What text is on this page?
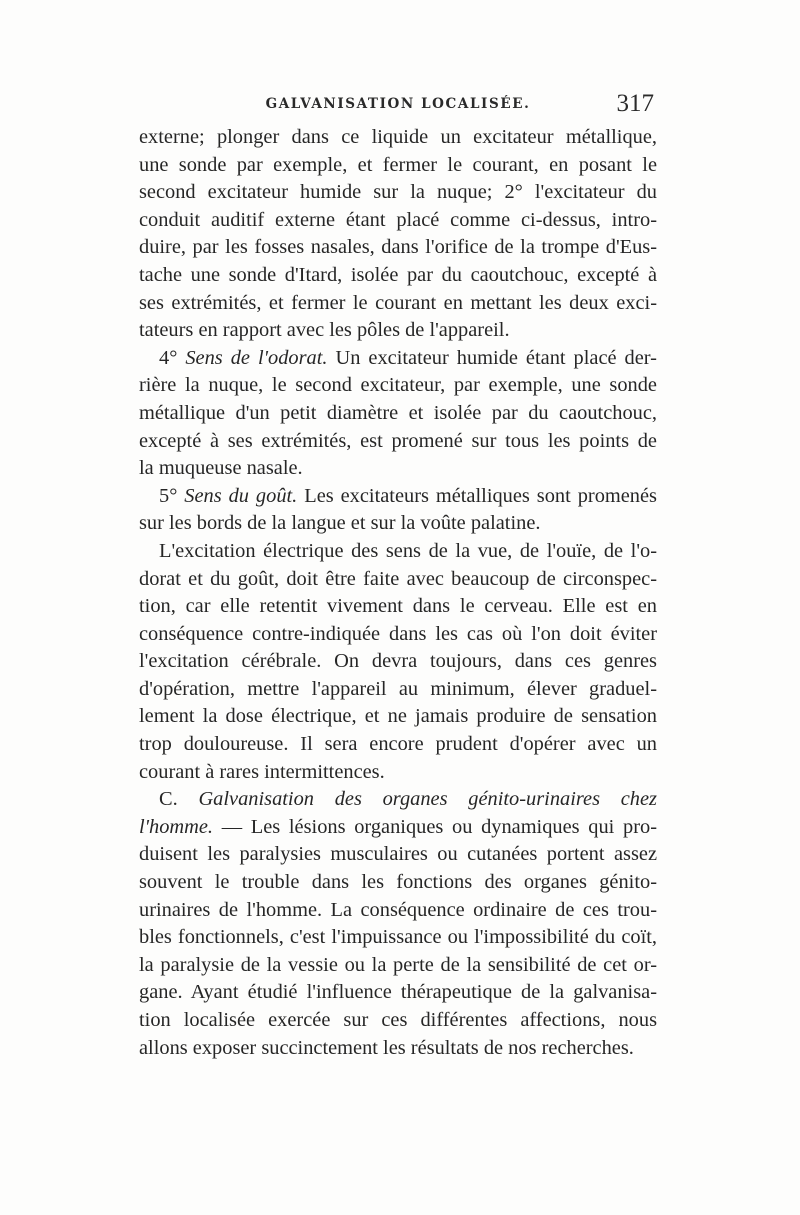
GALVANISATION LOCALISÉE.	317
externe; plonger dans ce liquide un excitateur métallique,
une sonde par exemple, et fermer le courant, en posant le
second excitateur humide sur la nuque; 2° l'excitateur du
conduit auditif externe étant placé comme ci-dessus, intro-
duire, par les fosses nasales, dans l'orifice de la trompe d'Eus-
tache une sonde d'Itard, isolée par du caoutchouc, excepté à
ses extrémités, et fermer le courant en mettant les deux exci-
tateurs en rapport avec les pôles de l'appareil.
4° Sens de l'odorat. Un excitateur humide étant placé der-
rière la nuque, le second excitateur, par exemple, une sonde
métallique d'un petit diamètre et isolée par du caoutchouc,
excepté à ses extrémités, est promené sur tous les points de
la muqueuse nasale.
5° Sens du goût. Les excitateurs métalliques sont promenés
sur les bords de la langue et sur la voûte palatine.
L'excitation électrique des sens de la vue, de l'ouïe, de l'o-
dorat et du goût, doit être faite avec beaucoup de circonspec-
tion, car elle retentit vivement dans le cerveau. Elle est en
conséquence contre-indiquée dans les cas où l'on doit éviter
l'excitation cérébrale. On devra toujours, dans ces genres
d'opération, mettre l'appareil au minimum, élever graduel-
lement la dose électrique, et ne jamais produire de sensation
trop douloureuse. Il sera encore prudent d'opérer avec un
courant à rares intermittences.
C. Galvanisation des organes génito-urinaires chez
l'homme. — Les lésions organiques ou dynamiques qui pro-
duisent les paralysies musculaires ou cutanées portent assez
souvent le trouble dans les fonctions des organes génito-
urinaires de l'homme. La conséquence ordinaire de ces trou-
bles fonctionnels, c'est l'impuissance ou l'impossibilité du coït,
la paralysie de la vessie ou la perte de la sensibilité de cet or-
gane. Ayant étudié l'influence thérapeutique de la galvanisa-
tion localisée exercée sur ces différentes affections, nous
allons exposer succinctement les résultats de nos recherches.
